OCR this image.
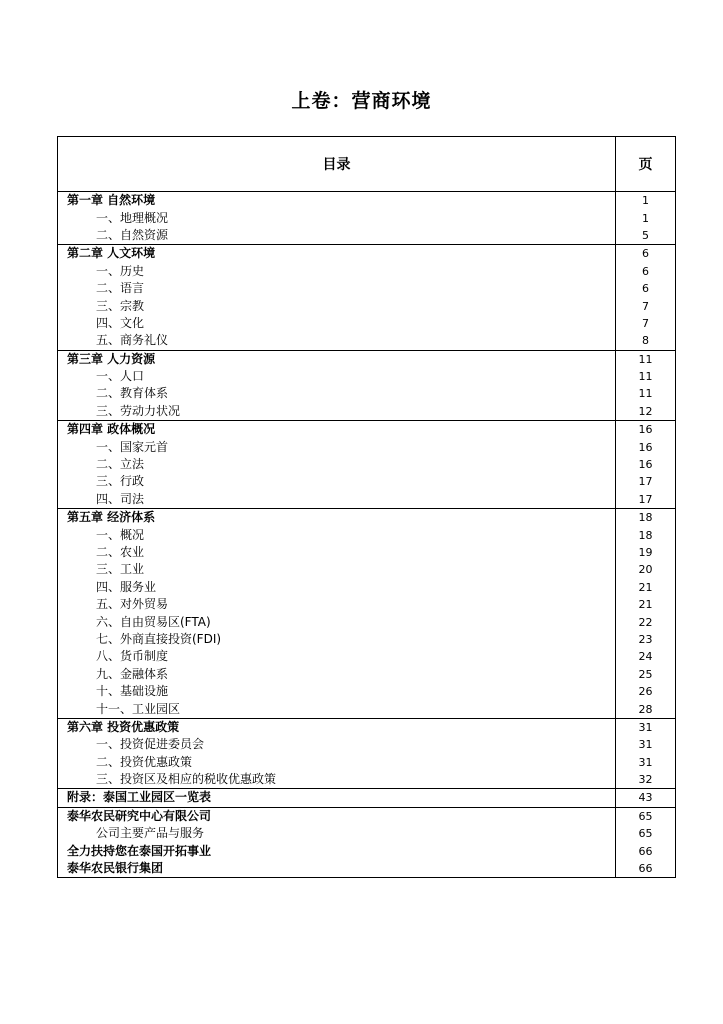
上卷：营商环境
目录	页
第一章 自然环境	1
一、地理概况	1
二、自然资源	5
第二章 人文环境	6
一、历史	6
二、语言	6
三、宗教	7
四、文化	7
五、商务礼仪	8
第三章 人力资源	11
一、人口	11
二、教育体系	11
三、劳动力状况	12
第四章 政体概况	16
一、国家元首	16
二、立法	16
三、行政	17
四、司法	17
第五章 经济体系	18
一、概况	18
二、农业	19
三、工业	20
四、服务业	21
五、对外贸易	21
六、自由贸易区(FTA)	22
七、外商直接投资(FDI)	23
八、货币制度	24
九、金融体系	25
十、基础设施	26
十一、工业园区	28
第六章 投资优惠政策	31
一、投资促进委员会	31
二、投资优惠政策	31
三、投资区及相应的税收优惠政策	32
附录：泰国工业园区一览表	43
泰华农民研究中心有限公司	65
公司主要产品与服务	65
全力扶持您在泰国开拓事业	66
泰华农民银行集团	66
